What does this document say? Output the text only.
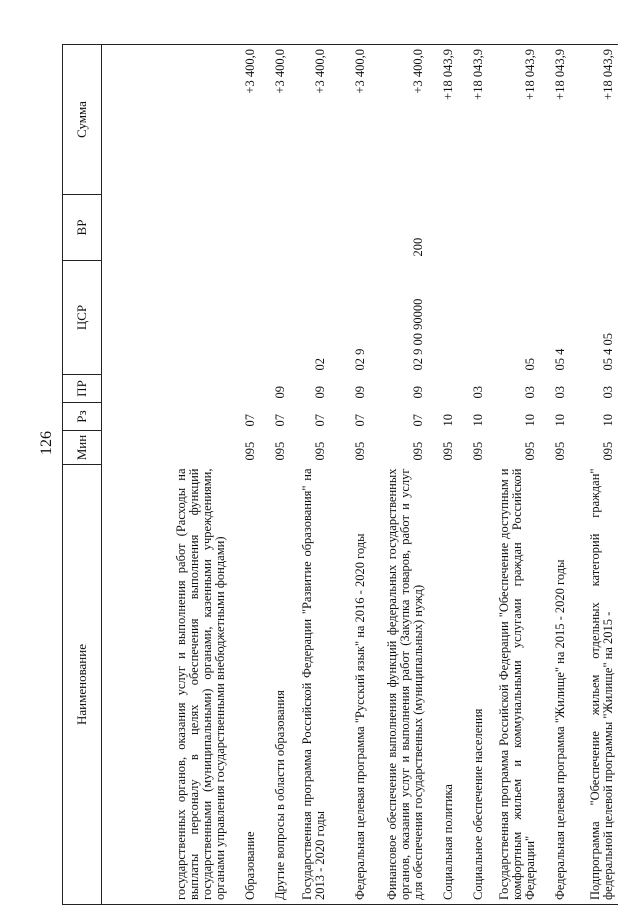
126
Наименование	Мин	Рз	ПР	ЦСР	ВР	Сумма
государственных органов, оказания услуг и выполнения работ (Расходы на выплаты персоналу в целях обеспечения выполнения функций государственными (муниципальными) органами, казенными учреждениями, органами управления государственными внебюджетными фондами)						
Образование	095	07				+3 400,0
Другие вопросы в области образования	095	07	09			+3 400,0
Государственная программа Российской Федерации "Развитие образования" на 2013 - 2020 годы	095	07	09	02		+3 400,0
Федеральная целевая программа "Русский язык" на 2016 - 2020 годы	095	07	09	02 9		+3 400,0
Финансовое обеспечение выполнения функций федеральных государственных органов, оказания услуг и выполнения работ (Закупка товаров, работ и услуг для обеспечения государственных (муниципальных) нужд)	095	07	09	02 9 00 90000	200	+3 400,0
Социальная политика	095	10				+18 043,9
Социальное обеспечение населения	095	10	03			+18 043,9
Государственная программа Российской Федерации "Обеспечение доступным и комфортным жильем и коммунальными услугами граждан Российской Федерации"	095	10	03	05		+18 043,9
Федеральная целевая программа "Жилище" на 2015 - 2020 годы	095	10	03	05 4		+18 043,9
Подпрограмма "Обеспечение жильем отдельных категорий граждан" федеральной целевой программы "Жилище" на 2015 -	095	10	03	05 4 05		+18 043,9
